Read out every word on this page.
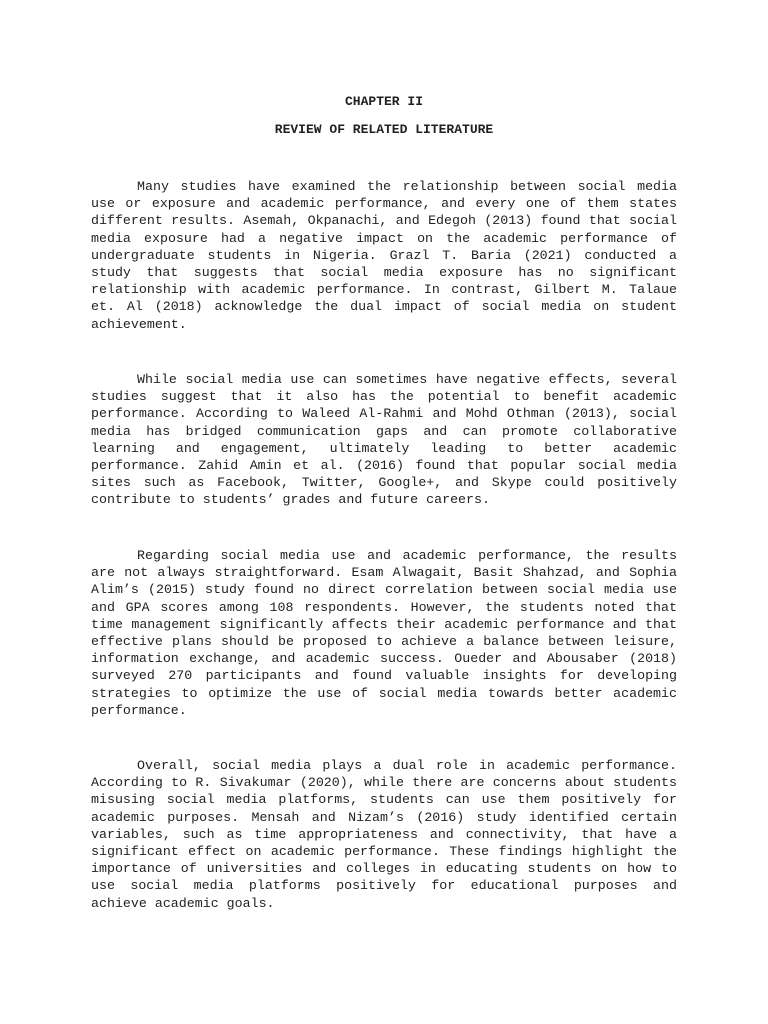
CHAPTER II
REVIEW OF RELATED LITERATURE

Many studies have examined the relationship between social media use or exposure and academic performance, and every one of them states different results. Asemah, Okpanachi, and Edegoh (2013) found that social media exposure had a negative impact on the academic performance of undergraduate students in Nigeria. Grazl T. Baria (2021) conducted a study that suggests that social media exposure has no significant relationship with academic performance. In contrast, Gilbert M. Talaue et. Al (2018) acknowledge the dual impact of social media on student achievement.

While social media use can sometimes have negative effects, several studies suggest that it also has the potential to benefit academic performance. According to Waleed Al-Rahmi and Mohd Othman (2013), social media has bridged communication gaps and can promote collaborative learning and engagement, ultimately leading to better academic performance. Zahid Amin et al. (2016) found that popular social media sites such as Facebook, Twitter, Google+, and Skype could positively contribute to students’ grades and future careers.

Regarding social media use and academic performance, the results are not always straightforward. Esam Alwagait, Basit Shahzad, and Sophia Alim’s (2015) study found no direct correlation between social media use and GPA scores among 108 respondents. However, the students noted that time management significantly affects their academic performance and that effective plans should be proposed to achieve a balance between leisure, information exchange, and academic success. Oueder and Abousaber (2018) surveyed 270 participants and found valuable insights for developing strategies to optimize the use of social media towards better academic performance.

Overall, social media plays a dual role in academic performance. According to R. Sivakumar (2020), while there are concerns about students misusing social media platforms, students can use them positively for academic purposes. Mensah and Nizam’s (2016) study identified certain variables, such as time appropriateness and connectivity, that have a significant effect on academic performance. These findings highlight the importance of universities and colleges in educating students on how to use social media platforms positively for educational purposes and achieve academic goals.
